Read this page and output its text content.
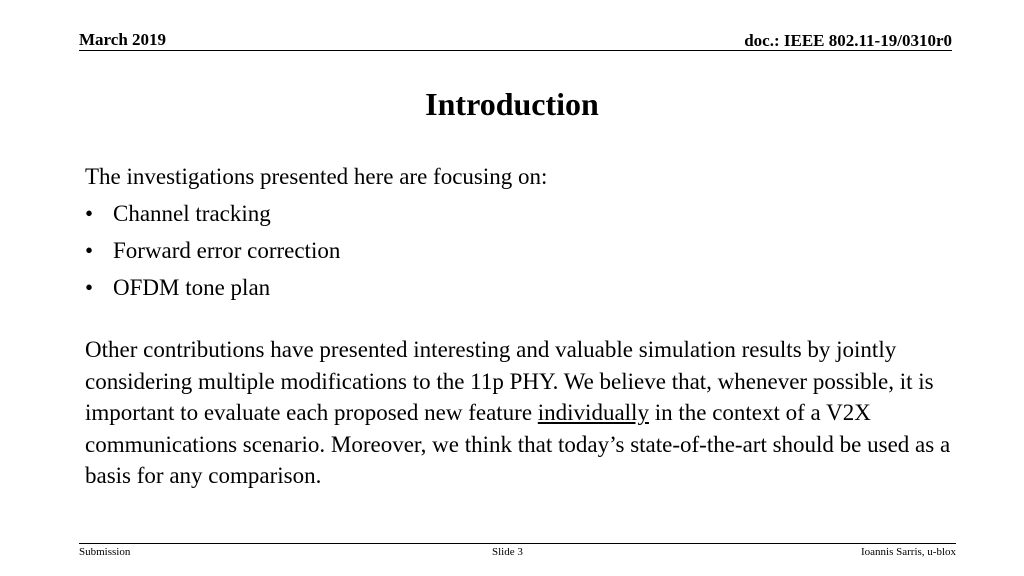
March 2019	doc.: IEEE 802.11-19/0310r0
Introduction

The investigations presented here are focusing on:

• Channel tracking
• Forward error correction
• OFDM tone plan

Other contributions have presented interesting and valuable simulation results by jointly considering multiple modifications to the 11p PHY. We believe that, whenever possible, it is important to evaluate each proposed new feature individually in the context of a V2X communications scenario. Moreover, we think that today’s state-of-the-art should be used as a basis for any comparison.

Submission	Slide 3	Ioannis Sarris, u-blox
